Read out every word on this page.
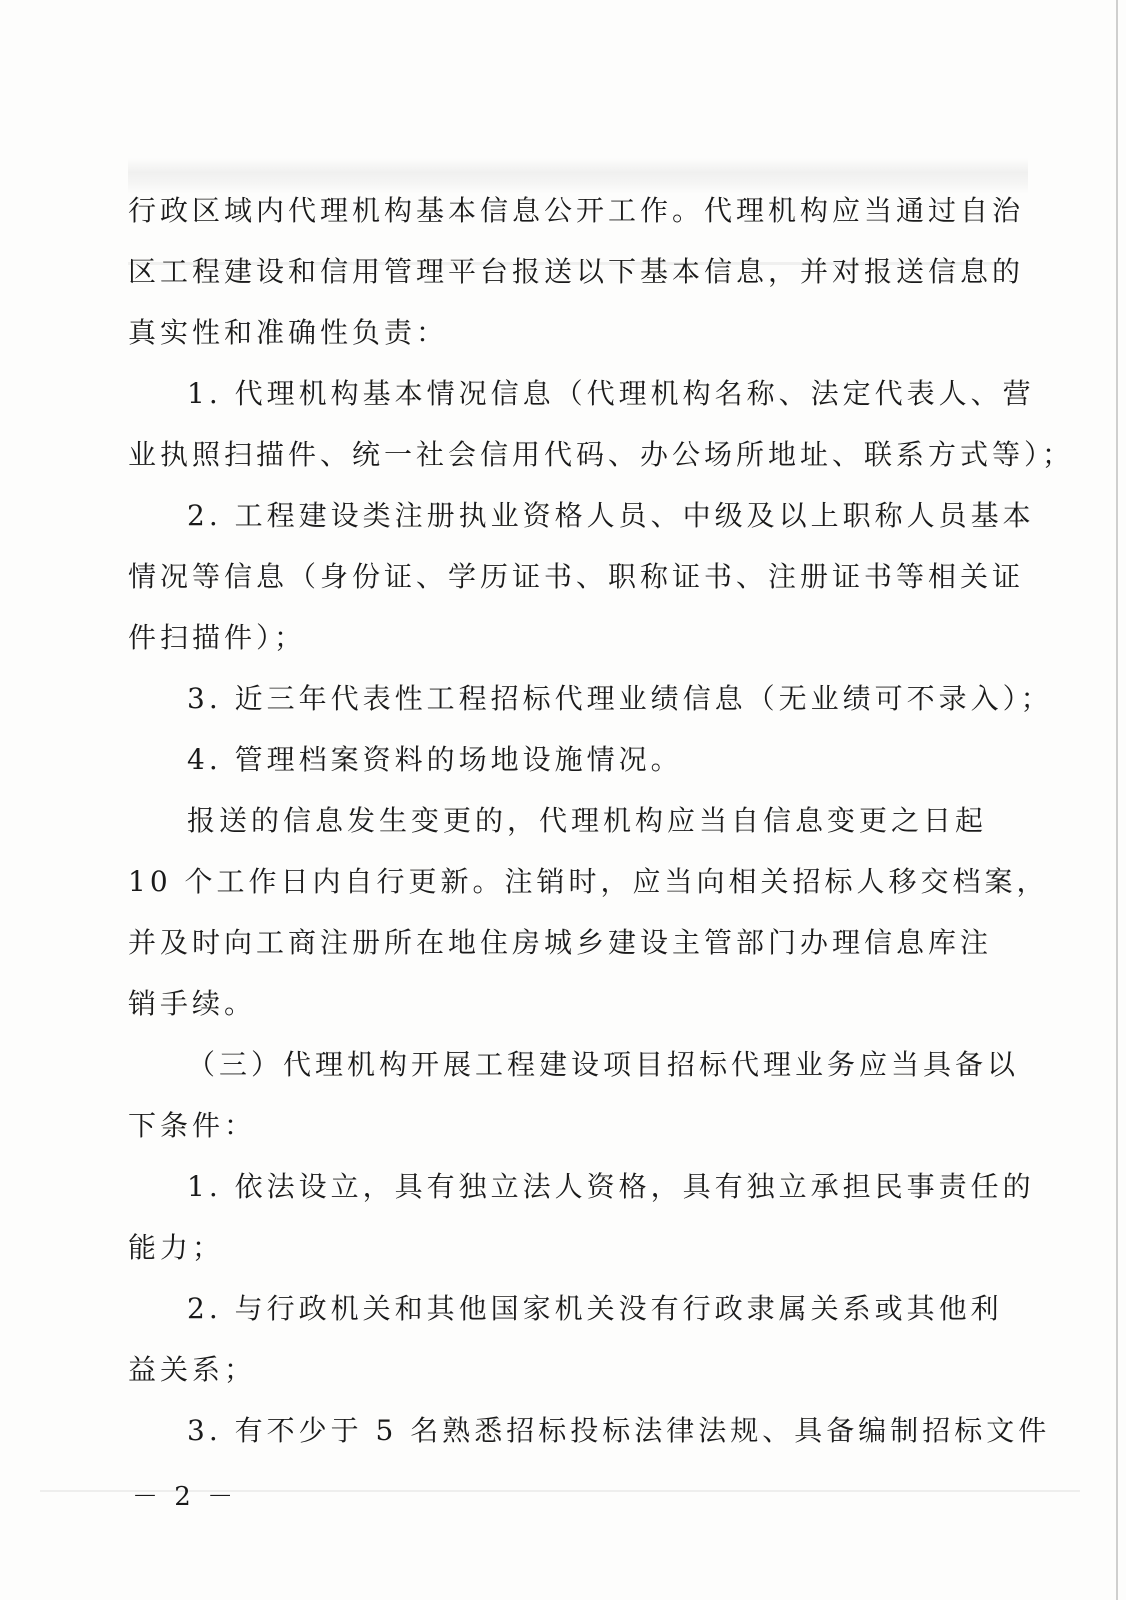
行政区域内代理机构基本信息公开工作。代理机构应当通过自治
区工程建设和信用管理平台报送以下基本信息，并对报送信息的
真实性和准确性负责：
1. 代理机构基本情况信息（代理机构名称、法定代表人、营
业执照扫描件、统一社会信用代码、办公场所地址、联系方式等）；
2. 工程建设类注册执业资格人员、中级及以上职称人员基本
情况等信息（身份证、学历证书、职称证书、注册证书等相关证
件扫描件）；
3. 近三年代表性工程招标代理业绩信息（无业绩可不录入）；
4. 管理档案资料的场地设施情况。
报送的信息发生变更的，代理机构应当自信息变更之日起
10 个工作日内自行更新。注销时，应当向相关招标人移交档案，
并及时向工商注册所在地住房城乡建设主管部门办理信息库注
销手续。
（三）代理机构开展工程建设项目招标代理业务应当具备以
下条件：
1. 依法设立，具有独立法人资格，具有独立承担民事责任的
能力；
2. 与行政机关和其他国家机关没有行政隶属关系或其他利
益关系；
3. 有不少于 5 名熟悉招标投标法律法规、具备编制招标文件
－ 2 －
